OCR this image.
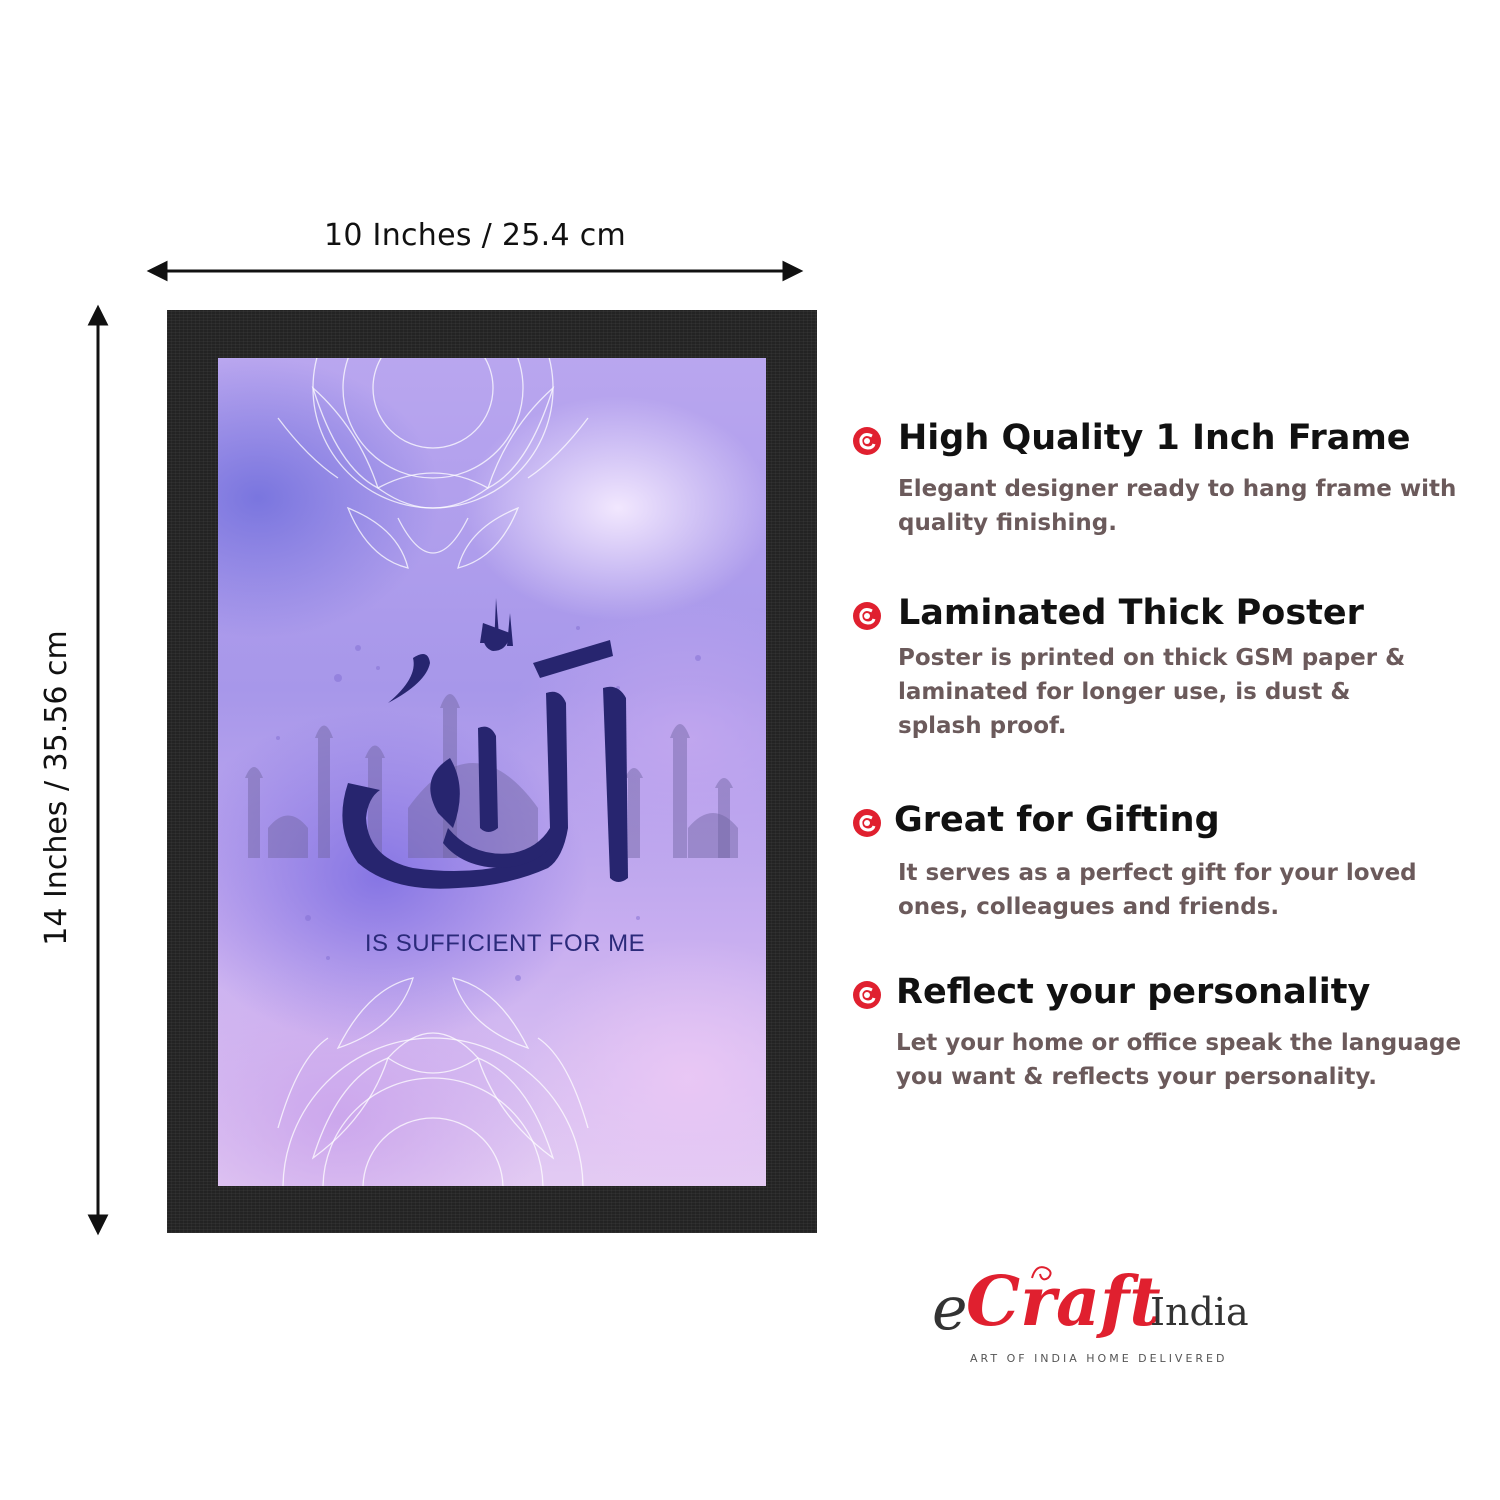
10 Inches / 25.4 cm
14 Inches / 35.56 cm	IS SUFFICIENT FOR ME
High Quality 1 Inch Frame
Elegant designer ready to hang frame with quality finishing.
Laminated Thick Poster
Poster is printed on thick GSM paper & laminated for longer use, is dust & splash proof.
Great for Gifting
It serves as a perfect gift for your loved ones, colleagues and friends.
Reflect your personality
Let your home or office speak the language you want & reflects your personality.
e
Craft
India
ART OF INDIA HOME DELIVERED
